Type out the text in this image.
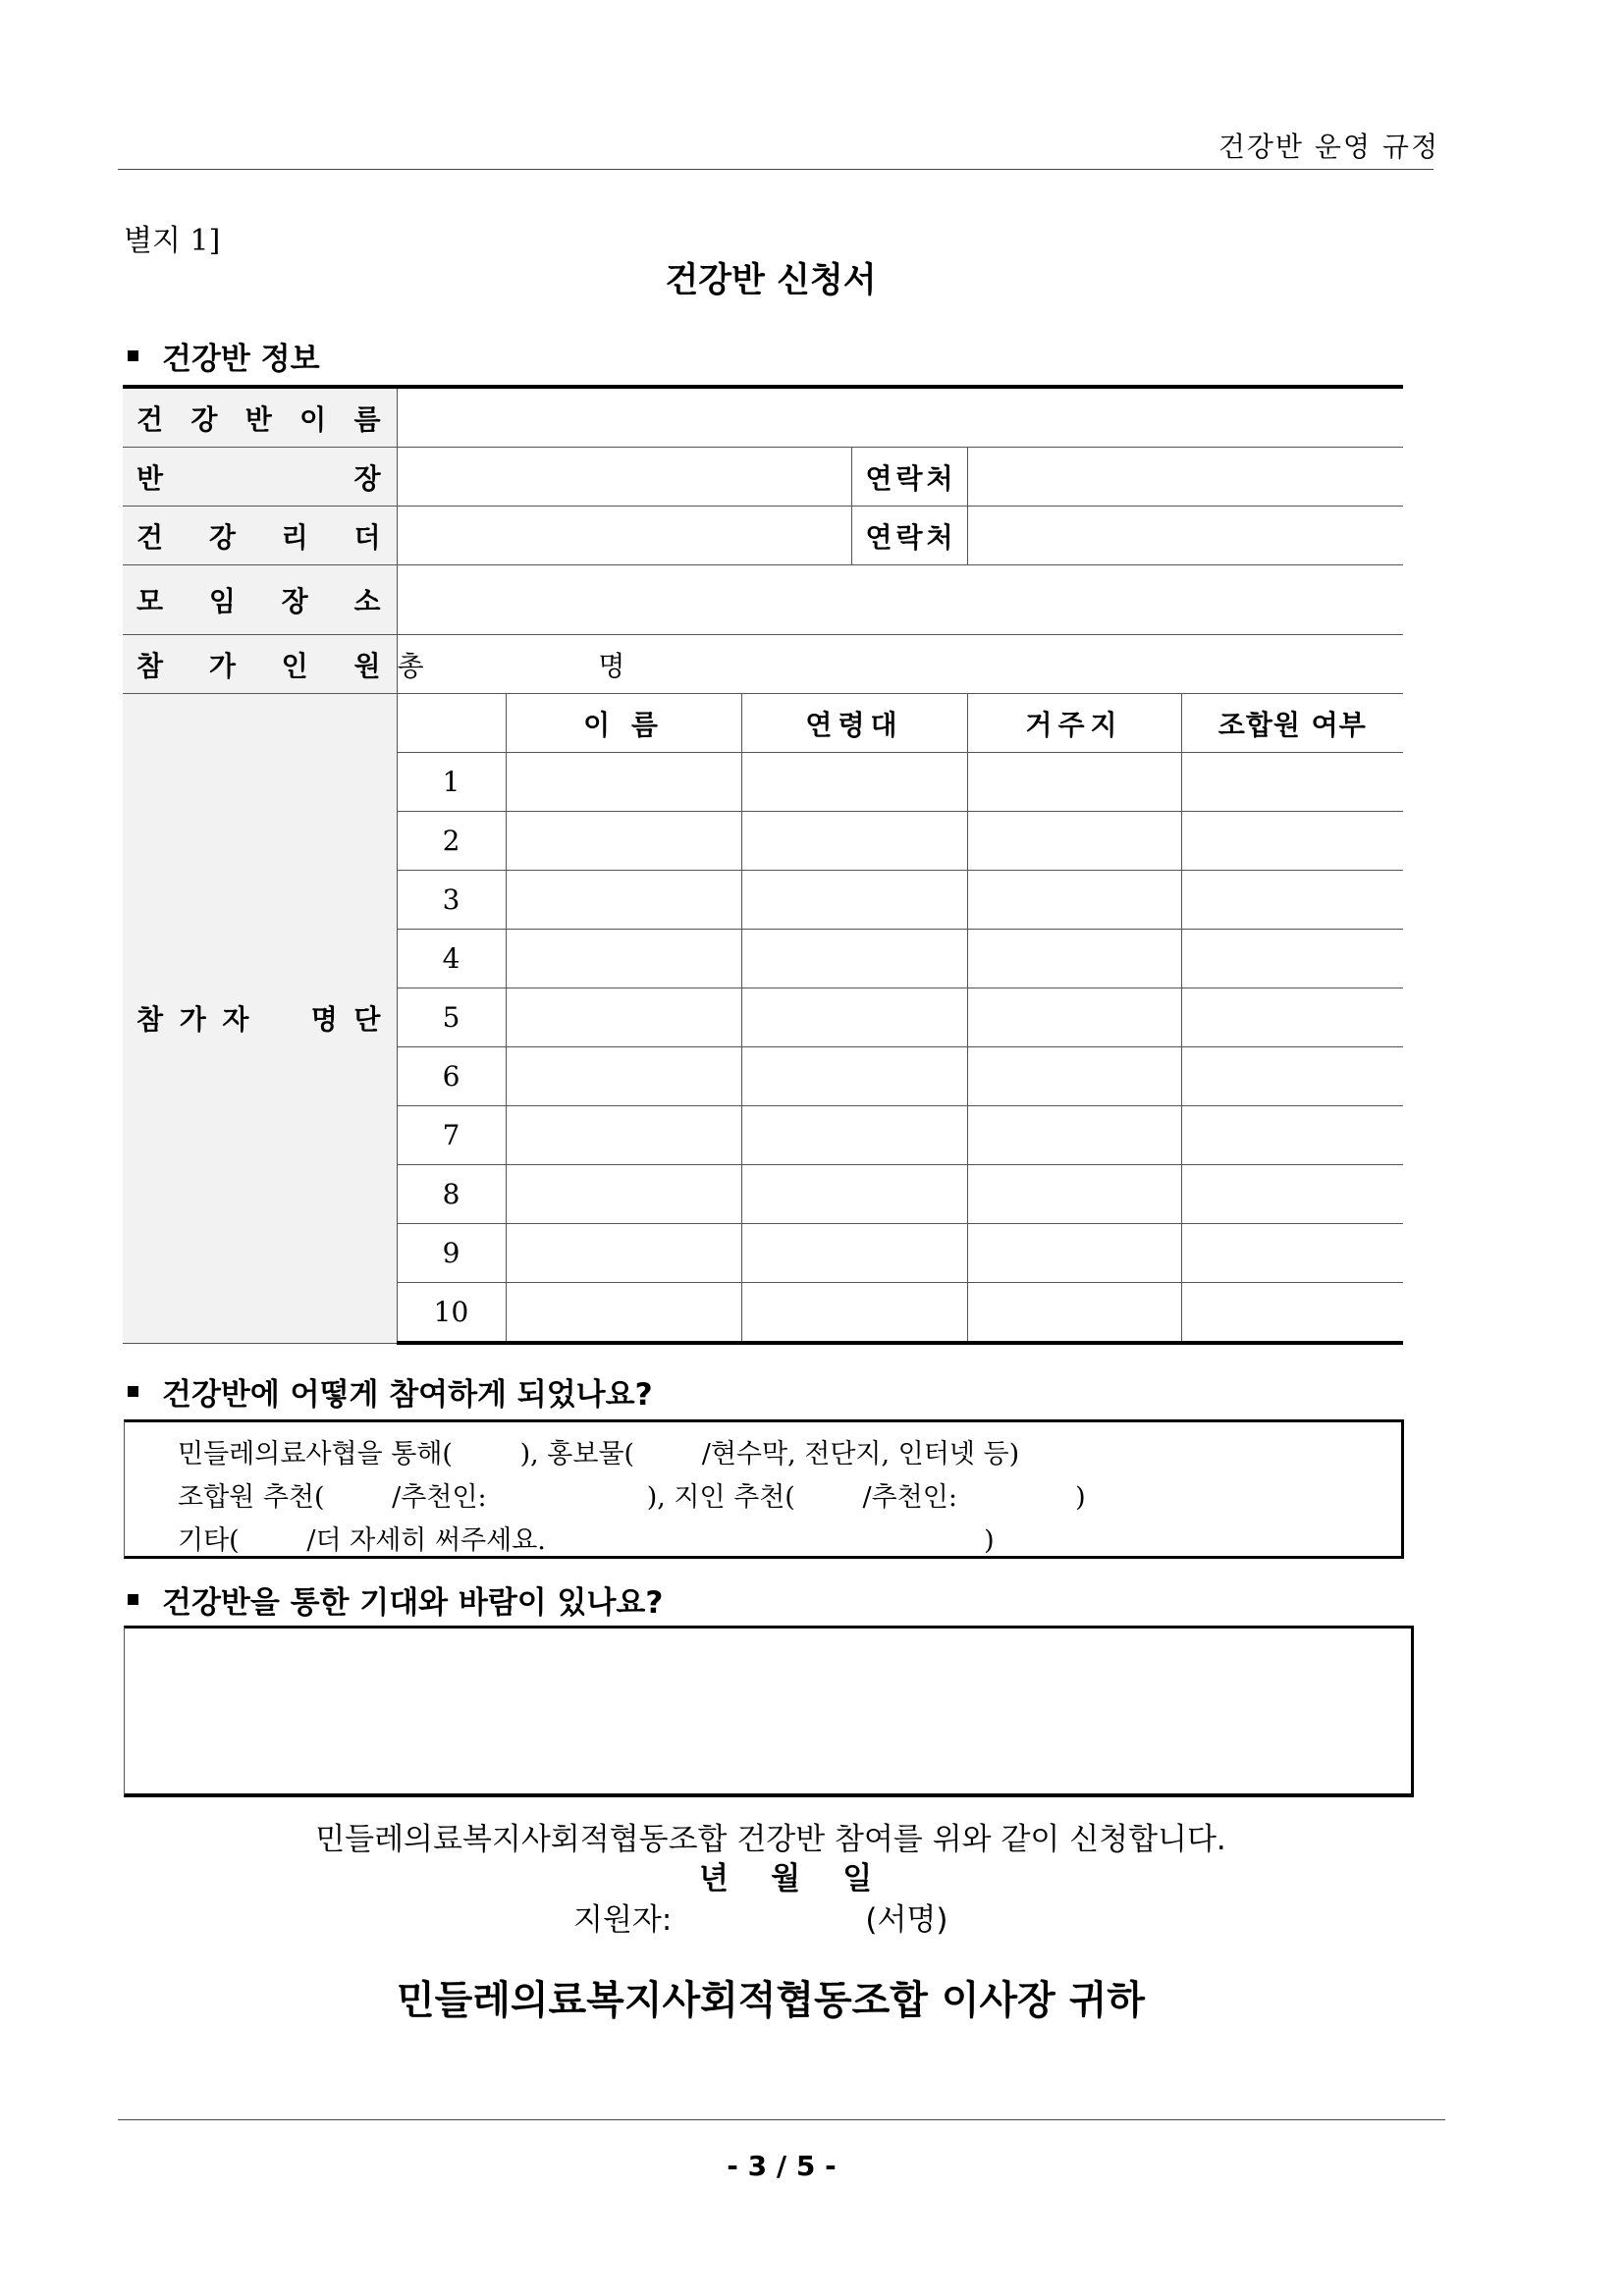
건강반 운영 규정
별지 1]
건강반 신청서
건강반 정보
건 강 반 이 름						

반 장				연 락 처		

건 강 리 더				연 락 처		

모 임 장 소						

참 가 인 원	총 명					

참 가 자 명 단		이 름	연령대		거주지	조합원 여부
	1					
	2					
	3					
	4					
	5					
	6					
	7					
	8					
	9					
	10					
건강반에 어떻게 참여하게 되었나요?
민들레의료사협을 통해(        ), 홍보물(        /현수막, 전단지, 인터넷 등)
조합원 추천(        /추천인:                   ), 지인 추천(        /추천인:              )
기타(        /더 자세히 써주세요.                                                    )
건강반을 통한 기대와 바람이 있나요?
민들레의료복지사회적협동조합 건강반 참여를 위와 같이 신청합니다.
년    월    일
지원자:                    (서명)
민들레의료복지사회적협동조합 이사장 귀하
- 3 / 5 -
